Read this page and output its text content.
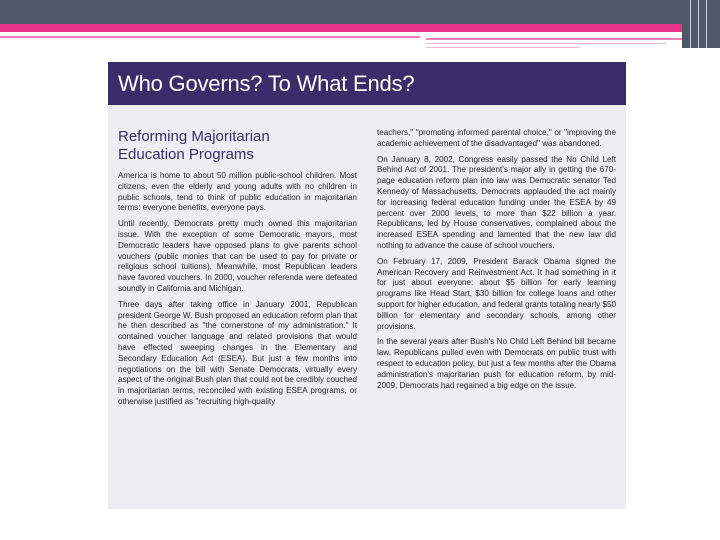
Who Governs? To What Ends?
Reforming Majoritarian
Education Programs

America is home to about 50 million public-school children. Most citizens, even the elderly and young adults with no children in public schools, tend to think of public education in majoritarian terms: everyone benefits, everyone pays.

Until recently, Democrats pretty much owned this majoritarian issue. With the exception of some Democratic mayors, most Democratic leaders have opposed plans to give parents school vouchers (public monies that can be used to pay for private or religious school tuitions). Meanwhile, most Republican leaders have favored vouchers. In 2000, voucher referenda were defeated soundly in California and Michigan.

Three days after taking office in January 2001, Republican president George W. Bush proposed an education reform plan that he then described as "the cornerstone of my administration." It contained voucher language and related provisions that would have effected sweeping changes in the Elementary and Secondary Education Act (ESEA). But just a few months into negotiations on the bill with Senate Democrats, virtually every aspect of the original Bush plan that could not be credibly couched in majoritarian terms, reconciled with existing ESEA programs, or otherwise justified as "recruiting high-quality

teachers," "promoting informed parental choice," or "improving the academic achievement of the disadvantaged" was abandoned.

On January 8, 2002, Congress easily passed the No Child Left Behind Act of 2001. The president's major ally in getting the 670-page education reform plan into law was Democratic senator Ted Kennedy of Massachusetts. Democrats applauded the act mainly for increasing federal education funding under the ESEA by 49 percent over 2000 levels, to more than $22 billion a year. Republicans, led by House conservatives, complained about the increased ESEA spending and lamented that the new law did nothing to advance the cause of school vouchers.

On February 17, 2009, President Barack Obama signed the American Recovery and Reinvestment Act. It had something in it for just about everyone: about $5 billion for early learning programs like Head Start, $30 billion for college loans and other support for higher education, and federal grants totaling nearly $50 billion for elementary and secondary schools, among other provisions.

In the several years after Bush's No Child Left Behind bill became law, Republicans pulled even with Democrats on public trust with respect to education policy, but just a few months after the Obama administration's majoritarian push for education reform, by mid-2009, Democrats had regained a big edge on the issue.
